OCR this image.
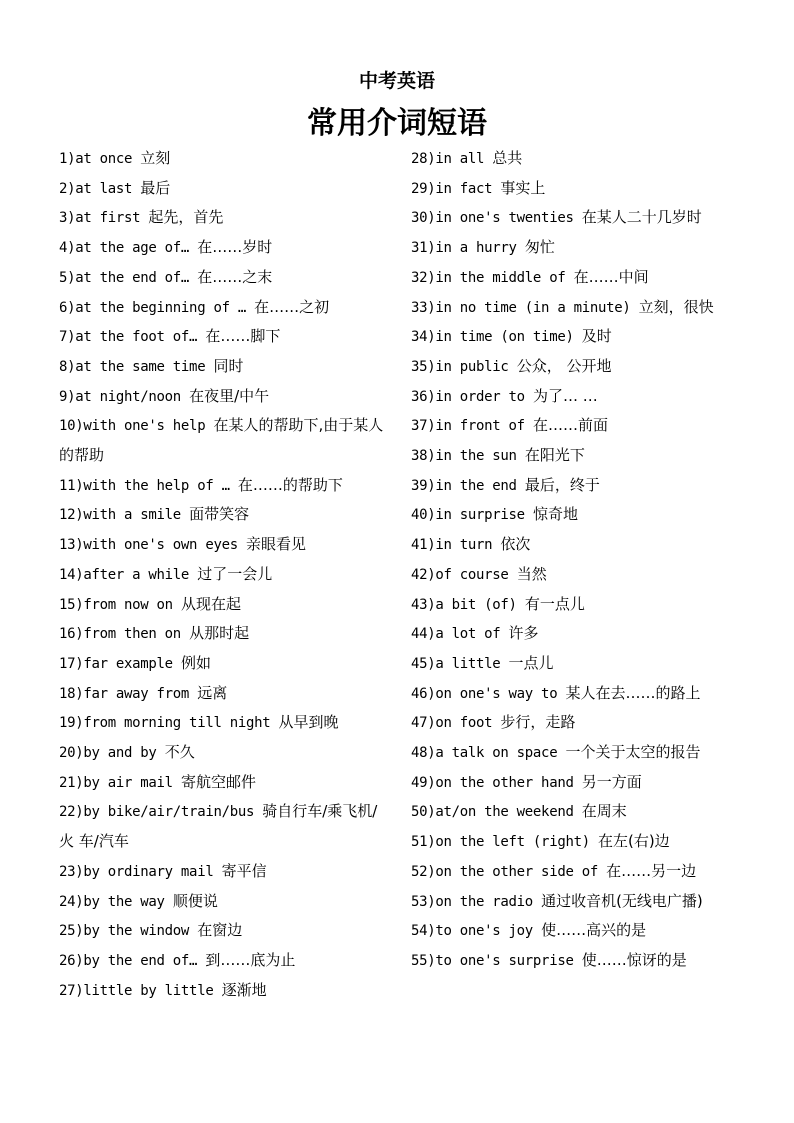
中考英语
常用介词短语
1)at once 立刻
2)at last 最后
3)at first 起先，首先
4)at the age of… 在……岁时
5)at the end of… 在……之末
6)at the beginning of … 在……之初
7)at the foot of… 在……脚下
8)at the same time 同时
9)at night/noon 在夜里/中午
10)with one's help 在某人的帮助下,由于某人的帮助
11)with the help of … 在……的帮助下
12)with a smile 面带笑容
13)with one's own eyes 亲眼看见
14)after a while 过了一会儿
15)from now on 从现在起
16)from then on 从那时起
17)far example 例如
18)far away from 远离
19)from morning till night 从早到晚
20)by and by 不久
21)by air mail 寄航空邮件
22)by bike/air/train/bus 骑自行车/乘飞机/火 车/汽车
23)by ordinary mail 寄平信
24)by the way 顺便说
25)by the window 在窗边
26)by the end of… 到……底为止
27)little by little 逐渐地
28)in all 总共
29)in fact 事实上
30)in one's twenties 在某人二十几岁时
31)in a hurry 匆忙
32)in the middle of 在……中间
33)in no time (in a minute) 立刻，很快
34)in time (on time) 及时
35)in public 公众， 公开地
36)in order to 为了… …
37)in front of 在……前面
38)in the sun 在阳光下
39)in the end 最后，终于
40)in surprise 惊奇地
41)in turn 依次
42)of course 当然
43)a bit (of) 有一点儿
44)a lot of 许多
45)a little 一点儿
46)on one's way to 某人在去……的路上
47)on foot 步行，走路
48)a talk on space 一个关于太空的报告
49)on the other hand 另一方面
50)at/on the weekend 在周末
51)on the left (right) 在左(右)边
52)on the other side of 在……另一边
53)on the radio 通过收音机(无线电广播)
54)to one's joy 使……高兴的是
55)to one's surprise 使……惊讶的是
